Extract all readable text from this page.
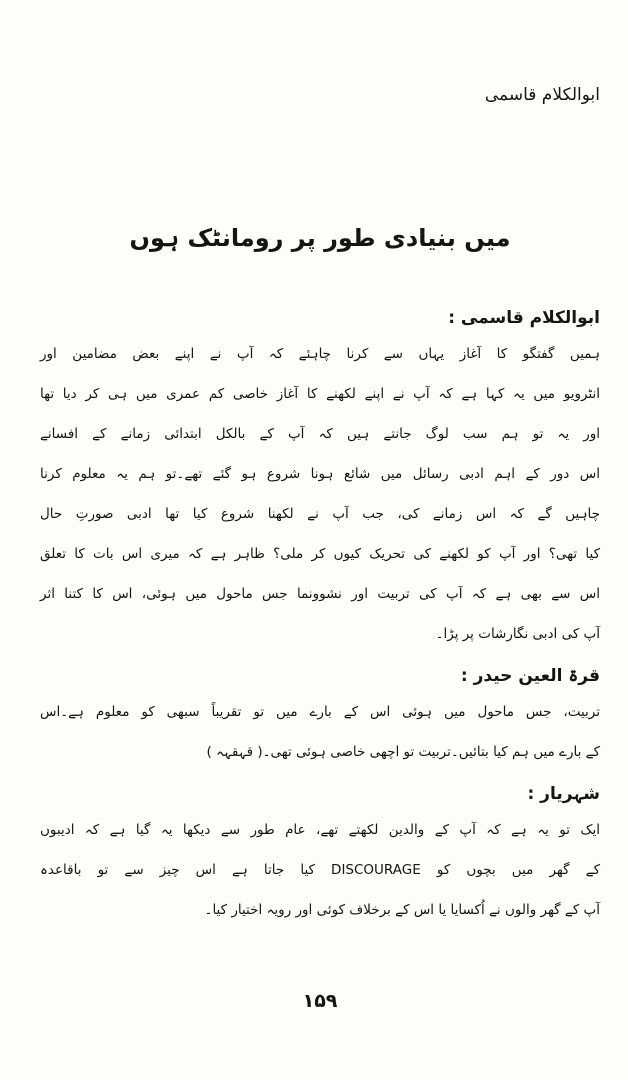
ابوالکلام قاسمی
میں بنیادی طور پر رومانٹک ہوں
ابوالکلام قاسمی :
ہمیں گفتگو کا آغاز یہاں سے کرنا چاہئے کہ آپ نے اپنے بعض مضامین اور
انٹرویو میں یہ کہا ہے کہ آپ نے اپنے لکھنے کا آغاز خاصی کم عمری میں ہی کر دیا تھا
اور یہ تو ہم سب لوگ جانتے ہیں کہ آپ کے بالکل ابتدائی زمانے کے افسانے
اس دور کے اہم ادبی رسائل میں شائع ہونا شروع ہو گئے تھے۔تو ہم یہ معلوم کرنا
چاہیں گے کہ اس زمانے کی، جب آپ نے لکھنا شروع کیا تھا ادبی صورتِ حال
کیا تھی؟ اور آپ کو لکھنے کی تحریک کیوں کر ملی؟ ظاہر ہے کہ میری اس بات کا تعلق
اس سے بھی ہے کہ آپ کی تربیت اور نشوونما جس ماحول میں ہوئی، اس کا کتنا اثر
آپ کی ادبی نگارشات پر پڑا۔
قرۃ العین حیدر :
تربیت، جس ماحول میں ہوئی اس کے بارے میں تو تقریباً سبھی کو معلوم ہے۔اس
کے بارے میں ہم کیا بتائیں۔تربیت تو اچھی خاصی ہوئی تھی۔( قہقہہ )
شہریار :
ایک تو یہ ہے کہ آپ کے والدین لکھتے تھے، عام طور سے دیکھا یہ گیا ہے کہ ادیبوں
کے گھر میں بچوں کو DISCOURAGE کیا جاتا ہے اس چیز سے تو باقاعدہ
آپ کے گھر والوں نے اُکسایا یا اس کے برخلاف کوئی اور رویہ اختیار کیا۔
۱۵۹
